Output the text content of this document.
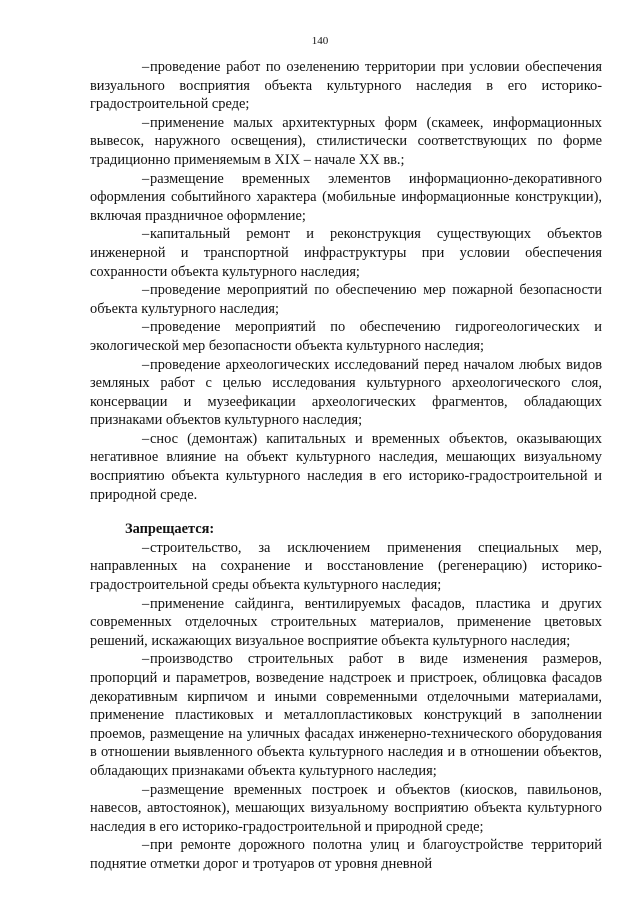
140

–проведение работ по озеленению территории при условии обеспечения визуального восприятия объекта культурного наследия в его историко-градостроительной среде;

–применение малых архитектурных форм (скамеек, информационных вывесок, наружного освещения), стилистически соответствующих по форме традиционно применяемым в XIX – начале XX вв.;

–размещение временных элементов информационно-декоративного оформления событийного характера (мобильные информационные конструкции), включая праздничное оформление;

–капитальный ремонт и реконструкция существующих объектов инженерной и транспортной инфраструктуры при условии обеспечения сохранности объекта культурного наследия;

–проведение мероприятий по обеспечению мер пожарной безопасности объекта культурного наследия;

–проведение мероприятий по обеспечению гидрогеологических и экологической мер безопасности объекта культурного наследия;

–проведение археологических исследований перед началом любых видов земляных работ с целью исследования культурного археологического слоя, консервации и музеефикации археологических фрагментов, обладающих признаками объектов культурного наследия;

–снос (демонтаж) капитальных и временных объектов, оказывающих негативное влияние на объект культурного наследия, мешающих визуальному восприятию объекта культурного наследия в его историко-градостроительной и природной среде.

Запрещается:

–строительство, за исключением применения специальных мер, направленных на сохранение и восстановление (регенерацию) историко-градостроительной среды объекта культурного наследия;

–применение сайдинга, вентилируемых фасадов, пластика и других современных отделочных строительных материалов, применение цветовых решений, искажающих визуальное восприятие объекта культурного наследия;

–производство строительных работ в виде изменения размеров, пропорций и параметров, возведение надстроек и пристроек, облицовка фасадов декоративным кирпичом и иными современными отделочными материалами, применение пластиковых и металлопластиковых конструкций в заполнении проемов, размещение на уличных фасадах инженерно-технического оборудования в отношении выявленного объекта культурного наследия и в отношении объектов, обладающих признаками объекта культурного наследия;

–размещение временных построек и объектов (киосков, павильонов, навесов, автостоянок), мешающих визуальному восприятию объекта культурного наследия в его историко-градостроительной и природной среде;

–при ремонте дорожного полотна улиц и благоустройстве территорий поднятие отметки дорог и тротуаров от уровня дневной
